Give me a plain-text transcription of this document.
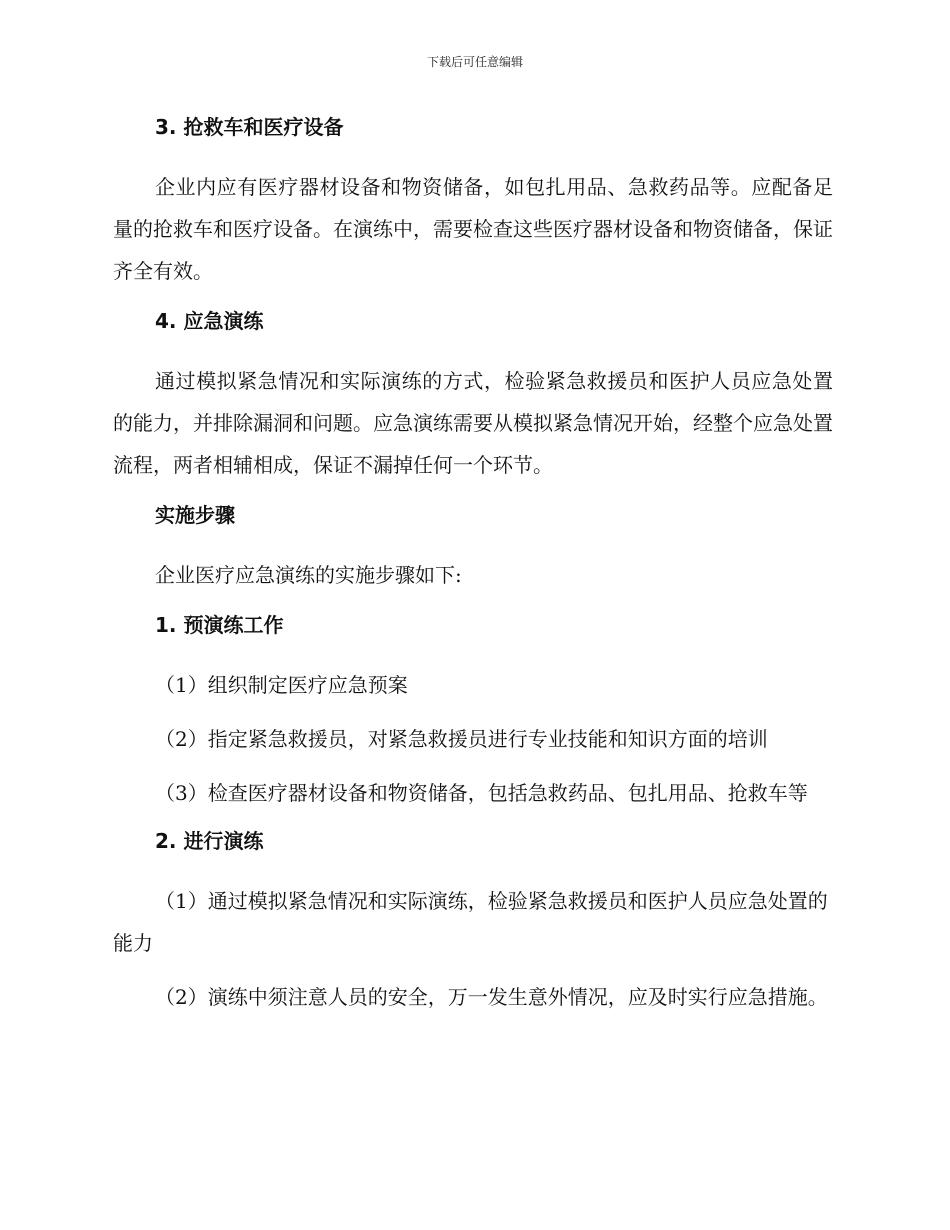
下载后可任意编辑
3. 抢救车和医疗设备
企业内应有医疗器材设备和物资储备，如包扎用品、急救药品等。应配备足量的抢救车和医疗设备。在演练中，需要检查这些医疗器材设备和物资储备，保证齐全有效。
4. 应急演练
通过模拟紧急情况和实际演练的方式，检验紧急救援员和医护人员应急处置的能力，并排除漏洞和问题。应急演练需要从模拟紧急情况开始，经整个应急处置流程，两者相辅相成，保证不漏掉任何一个环节。
实施步骤
企业医疗应急演练的实施步骤如下:
1. 预演练工作
（1）组织制定医疗应急预案
（2）指定紧急救援员，对紧急救援员进行专业技能和知识方面的培训
（3）检查医疗器材设备和物资储备，包括急救药品、包扎用品、抢救车等
2. 进行演练
（1）通过模拟紧急情况和实际演练，检验紧急救援员和医护人员应急处置的能力
（2）演练中须注意人员的安全，万一发生意外情况，应及时实行应急措施。
